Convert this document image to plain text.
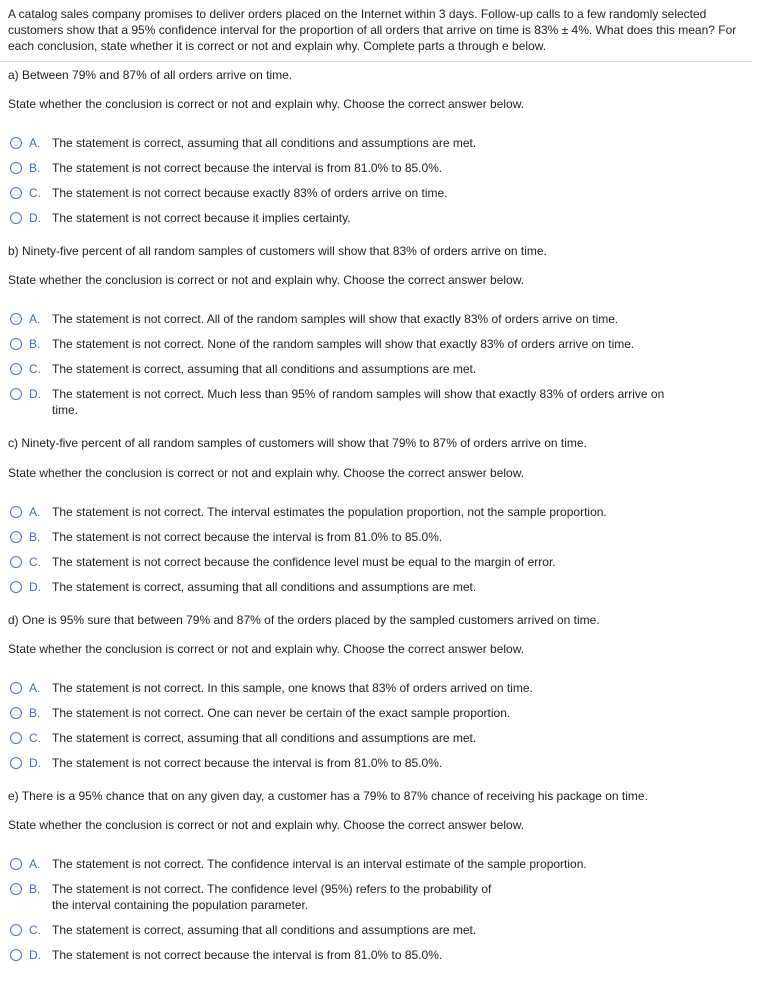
A catalog sales company promises to deliver orders placed on the Internet within 3 days. Follow-up calls to a few randomly selected customers show that a 95% confidence interval for the proportion of all orders that arrive on time is 83% ± 4%. What does this mean? For each conclusion, state whether it is correct or not and explain why. Complete parts a through e below.
a) Between 79% and 87% of all orders arrive on time.
State whether the conclusion is correct or not and explain why. Choose the correct answer below.
A. The statement is correct, assuming that all conditions and assumptions are met.
B. The statement is not correct because the interval is from 81.0% to 85.0%.
C. The statement is not correct because exactly 83% of orders arrive on time.
D. The statement is not correct because it implies certainty.
b) Ninety-five percent of all random samples of customers will show that 83% of orders arrive on time.
State whether the conclusion is correct or not and explain why. Choose the correct answer below.
A. The statement is not correct. All of the random samples will show that exactly 83% of orders arrive on time.
B. The statement is not correct. None of the random samples will show that exactly 83% of orders arrive on time.
C. The statement is correct, assuming that all conditions and assumptions are met.
D. The statement is not correct. Much less than 95% of random samples will show that exactly 83% of orders arrive on
time.
c) Ninety-five percent of all random samples of customers will show that 79% to 87% of orders arrive on time.
State whether the conclusion is correct or not and explain why. Choose the correct answer below.
A. The statement is not correct. The interval estimates the population proportion, not the sample proportion.
B. The statement is not correct because the interval is from 81.0% to 85.0%.
C. The statement is not correct because the confidence level must be equal to the margin of error.
D. The statement is correct, assuming that all conditions and assumptions are met.
d) One is 95% sure that between 79% and 87% of the orders placed by the sampled customers arrived on time.
State whether the conclusion is correct or not and explain why. Choose the correct answer below.
A. The statement is not correct. In this sample, one knows that 83% of orders arrived on time.
B. The statement is not correct. One can never be certain of the exact sample proportion.
C. The statement is correct, assuming that all conditions and assumptions are met.
D. The statement is not correct because the interval is from 81.0% to 85.0%.
e) There is a 95% chance that on any given day, a customer has a 79% to 87% chance of receiving his package on time.
State whether the conclusion is correct or not and explain why. Choose the correct answer below.
A. The statement is not correct. The confidence interval is an interval estimate of the sample proportion.
B. The statement is not correct. The confidence level (95%) refers to the probability of
the interval containing the population parameter.
C. The statement is correct, assuming that all conditions and assumptions are met.
D. The statement is not correct because the interval is from 81.0% to 85.0%.
